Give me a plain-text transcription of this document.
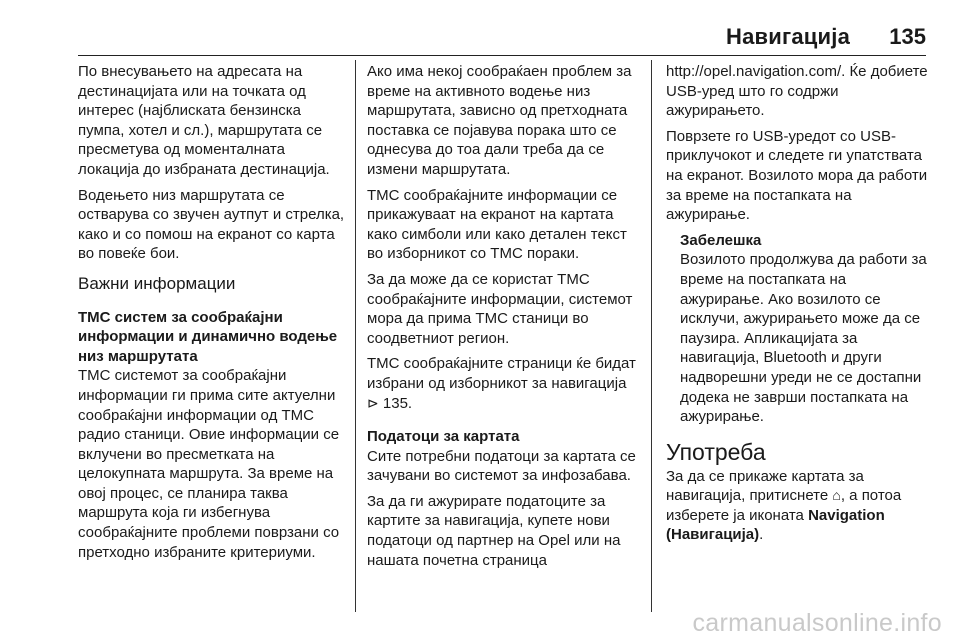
Навигација 135

По внесувањето на адресата на дестинацијата или на точката од интерес (најблиската бензинска пумпа, хотел и сл.), маршрутата се пресметува од моменталната локација до избраната дестинација.

Водењето низ маршрутата се остварува со звучен аутпут и стрелка, како и со помош на екранот со карта во повеќе бои.

Важни информации
TMC систем за сообраќајни информации и динамично водење низ маршрутата

TMC системот за сообраќајни информации ги прима сите актуелни сообраќајни информации од TMC радио станици. Овие информации се вклучени во пресметката на целокупната маршрута. За време на овој процес, се планира таква маршрута која ги избегнува сообраќајните проблеми поврзани со претходно избраните критериуми.

Ако има некој сообраќаен проблем за време на активното водење низ маршрутата, зависно од претходната поставка се појавува порака што се однесува до тоа дали треба да се измени маршрутата.

TMC сообраќајните информации се прикажуваат на екранот на картата како симболи или како детален текст во изборникот со TMC пораки.

За да може да се користат TMC сообраќајните информации, системот мора да прима TMC станици во соодветниот регион.

TMC сообраќајните страници ќе бидат избрани од изборникот за навигација ⊳ 135.

Податоци за картата

Сите потребни податоци за картата се зачувани во системот за инфозабава.

За да ги ажурирате податоците за картите за навигација, купете нови податоци од партнер на Opel или на нашата почетна страница

http://opel.navigation.com/. Ќе добиете USB-уред што го содржи ажурирањето.

Поврзете го USB-уредот со USB-приклучокот и следете ги упатствата на екранот. Возилото мора да работи за време на постапката на ажурирање.

Забелешка

Возилото продолжува да работи за време на постапката на ажурирање. Ако возилото се исклучи, ажурирањето може да се паузира. Апликацијата за навигација, Bluetooth и други надворешни уреди не се достапни додека не заврши постапката на ажурирање.

Употреба

За да се прикаже картата за навигација, притиснете ⌂, а потоа изберете ја иконата Navigation (Навигација).

carmanualsonline.info
